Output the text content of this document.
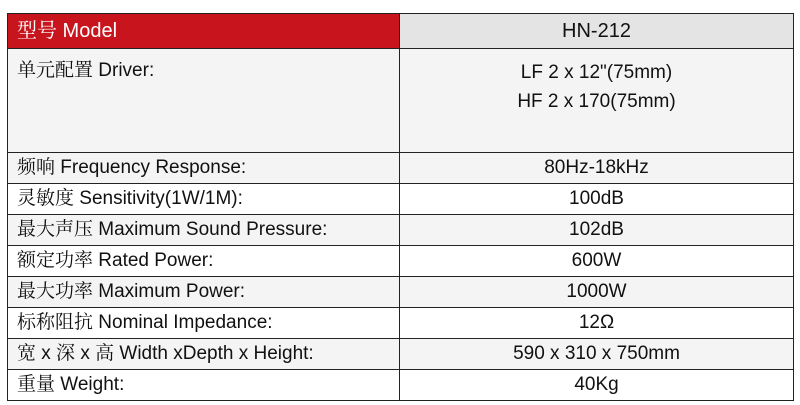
型号 Model	HN-212
单元配置 Driver:	LF 2 x 12"(75mm)
HF 2 x 170(75mm)

频响 Frequency Response:	80Hz-18kHz
灵敏度 Sensitivity(1W/1M):	100dB
最大声压 Maximum Sound Pressure:	102dB
额定功率 Rated Power:	600W
最大功率 Maximum Power:	1000W
标称阻抗 Nominal Impedance:	12Ω
宽 x 深 x 高 Width xDepth x Height:	590 x 310 x 750mm
重量 Weight:	40Kg
